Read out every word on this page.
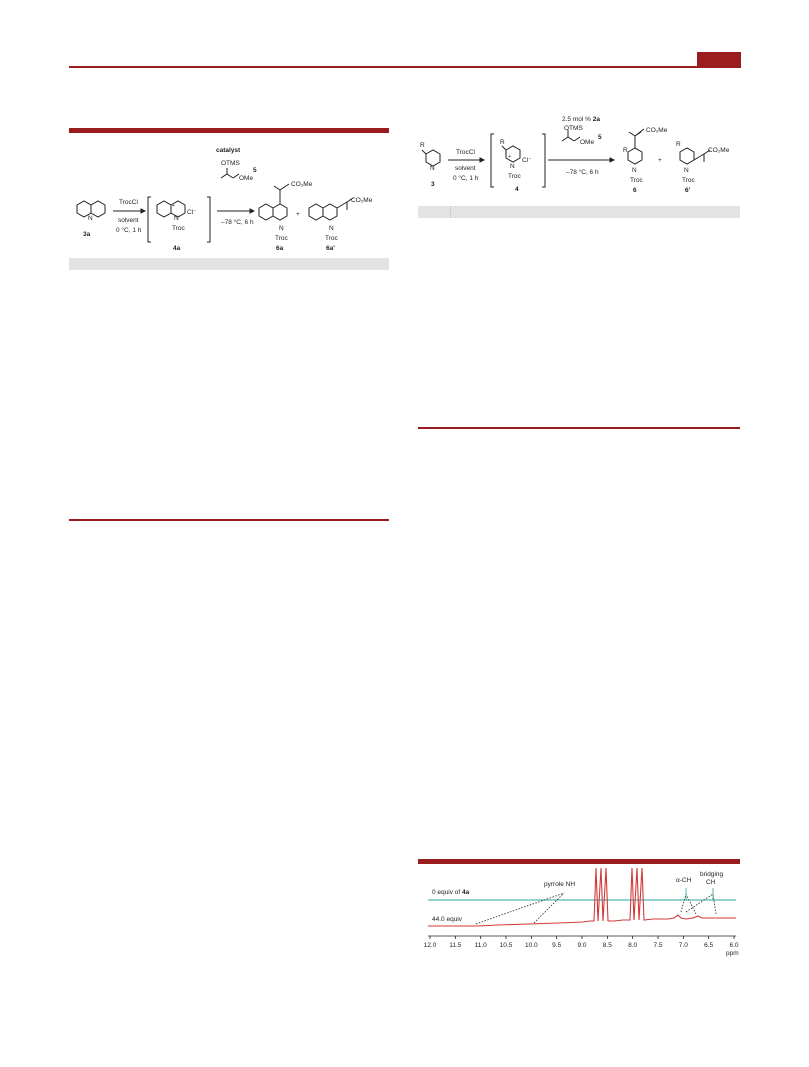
N
3a
TrocCl
solvent
0 °C, 1 h
+
N
Cl⁻
Troc
4a
catalyst
OTMS
OMe
5
–78 °C, 6 h
CO₂Me
N
Troc
6a
+
N
CO₂Me
Troc
6a'
R
N
3
TrocCl
solvent
0 °C, 1 h
R
+
N
Cl⁻
Troc
4
2.5 mol % 2a
OTMS
OMe
5
–78 °C, 6 h
R
CO₂Me
N
Troc
6
+
R
N
CO₂Me
Troc
6'
0 equiv of 4a
44.0 equiv
pyrrole NH
α-CH
bridging
CH
12.0 11.5 11.0 10.5 10.0 9.5	9.0	8.5	8.0	7.5	7.0	6.5	6.0
ppm
